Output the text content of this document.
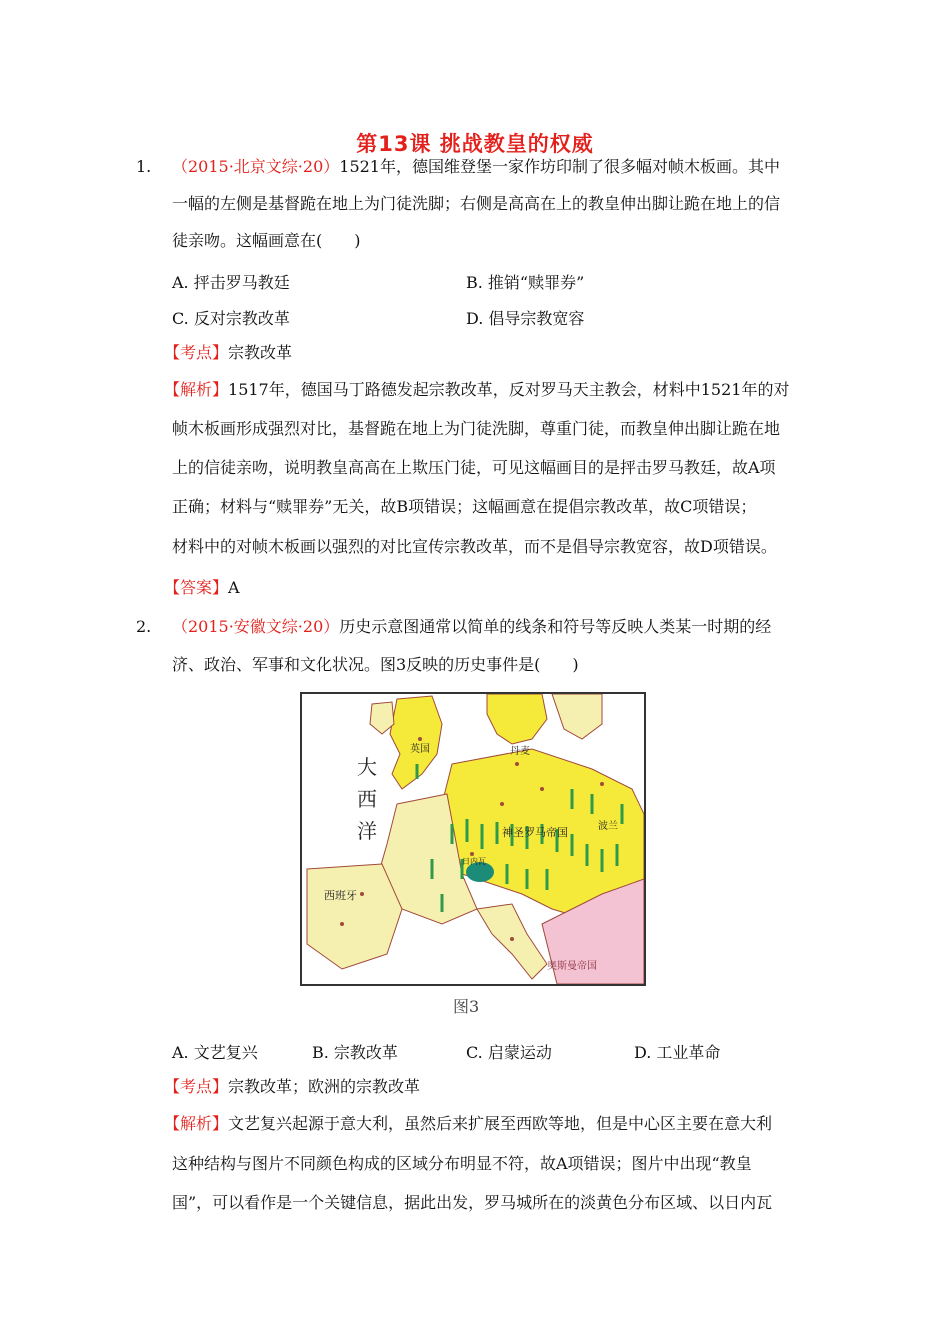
第13课 挑战教皇的权威
1. （2015·北京文综·20）1521年，德国维登堡一家作坊印制了很多幅对帧木板画。其中
一幅的左侧是基督跪在地上为门徒洗脚；右侧是高高在上的教皇伸出脚让跪在地上的信
徒亲吻。这幅画意在(　　)
A. 抨击罗马教廷	B. 推销“赎罪券”
C. 反对宗教改革	D. 倡导宗教宽容
【考点】宗教改革
【解析】1517年，德国马丁路德发起宗教改革，反对罗马天主教会，材料中1521年的对
帧木板画形成强烈对比，基督跪在地上为门徒洗脚，尊重门徒，而教皇伸出脚让跪在地
上的信徒亲吻，说明教皇高高在上欺压门徒，可见这幅画目的是抨击罗马教廷，故A项
正确；材料与“赎罪券”无关，故B项错误；这幅画意在提倡宗教改革，故C项错误；
材料中的对帧木板画以强烈的对比宣传宗教改革，而不是倡导宗教宽容，故D项错误。
【答案】A
2. （2015·安徽文综·20）历史示意图通常以简单的线条和符号等反映人类某一时期的经
济、政治、军事和文化状况。图3反映的历史事件是(　　)
大
西
洋	神圣罗马帝国
西班牙
奥斯曼帝国
英国	丹麦
波兰
日内瓦
图3
A. 文艺复兴	B. 宗教改革	C. 启蒙运动	D. 工业革命
【考点】宗教改革；欧洲的宗教改革
【解析】文艺复兴起源于意大利，虽然后来扩展至西欧等地，但是中心区主要在意大利
这种结构与图片不同颜色构成的区域分布明显不符，故A项错误；图片中出现“教皇
国”，可以看作是一个关键信息，据此出发，罗马城所在的淡黄色分布区域、以日内瓦
